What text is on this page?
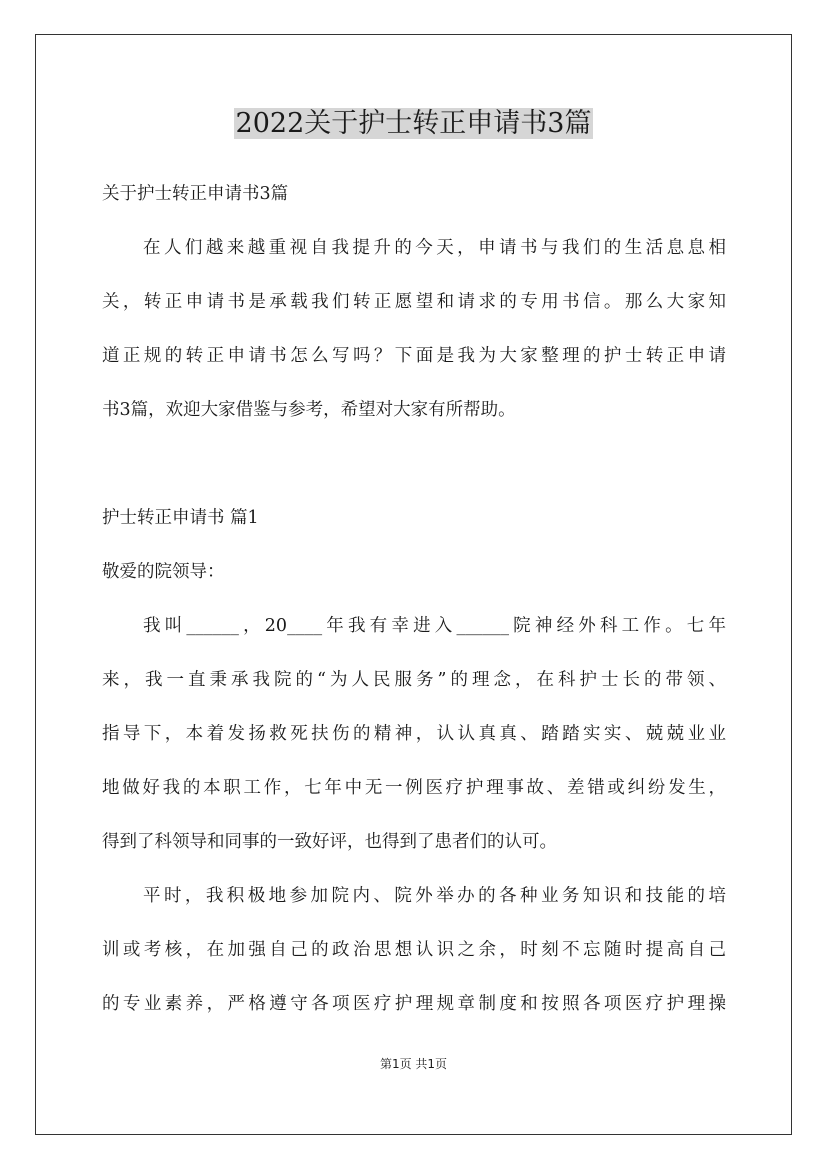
2022关于护士转正申请书3篇
关于护士转正申请书3篇
在人们越来越重视自我提升的今天，申请书与我们的生活息息相
关，转正申请书是承载我们转正愿望和请求的专用书信。那么大家知
道正规的转正申请书怎么写吗？下面是我为大家整理的护士转正申请
书3篇，欢迎大家借鉴与参考，希望对大家有所帮助。
护士转正申请书 篇1
敬爱的院领导：
我叫______，20____年我有幸进入______院神经外科工作。七年
来，我一直秉承我院的“为人民服务”的理念，在科护士长的带领、
指导下，本着发扬救死扶伤的精神，认认真真、踏踏实实、兢兢业业
地做好我的本职工作，七年中无一例医疗护理事故、差错或纠纷发生，
得到了科领导和同事的一致好评，也得到了患者们的认可。
平时，我积极地参加院内、院外举办的各种业务知识和技能的培
训或考核，在加强自己的政治思想认识之余，时刻不忘随时提高自己
的专业素养，严格遵守各项医疗护理规章制度和按照各项医疗护理操
第1页 共1页
